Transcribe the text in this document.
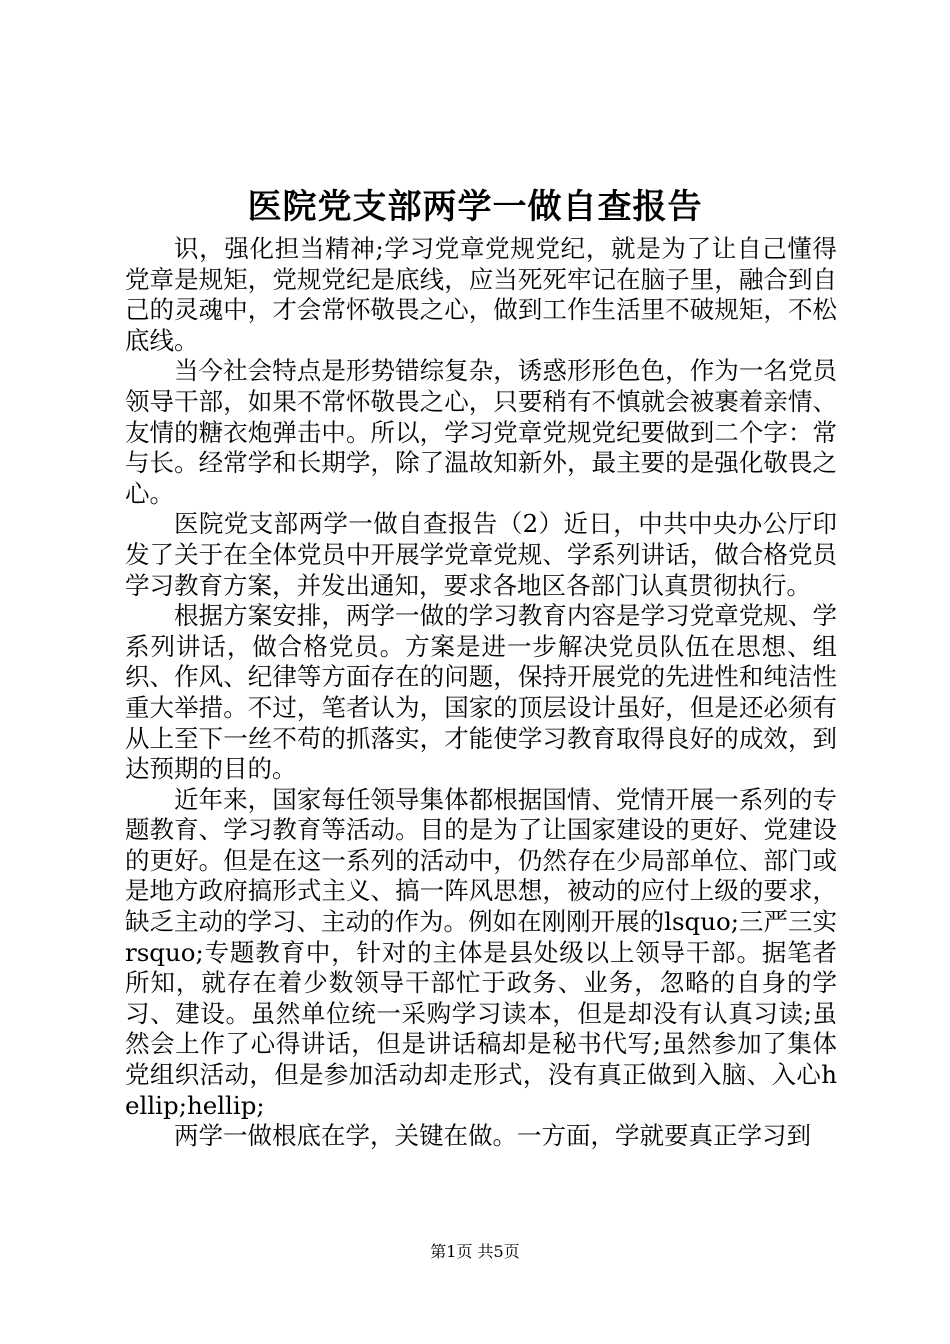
医院党支部两学一做自查报告

识，强化担当精神;学习党章党规党纪，就是为了让自己懂得党章是规矩，党规党纪是底线，应当死死牢记在脑子里，融合到自己的灵魂中，才会常怀敬畏之心，做到工作生活里不破规矩，不松底线。

当今社会特点是形势错综复杂，诱惑形形色色，作为一名党员领导干部，如果不常怀敬畏之心，只要稍有不慎就会被裹着亲情、友情的糖衣炮弹击中。所以，学习党章党规党纪要做到二个字：常与长。经常学和长期学，除了温故知新外，最主要的是强化敬畏之心。

医院党支部两学一做自查报告（2）近日，中共中央办公厅印发了关于在全体党员中开展学党章党规、学系列讲话，做合格党员学习教育方案，并发出通知，要求各地区各部门认真贯彻执行。

根据方案安排，两学一做的学习教育内容是学习党章党规、学系列讲话，做合格党员。方案是进一步解决党员队伍在思想、组织、作风、纪律等方面存在的问题，保持开展党的先进性和纯洁性重大举措。不过，笔者认为，国家的顶层设计虽好，但是还必须有从上至下一丝不苟的抓落实，才能使学习教育取得良好的成效，到达预期的目的。

近年来，国家每任领导集体都根据国情、党情开展一系列的专题教育、学习教育等活动。目的是为了让国家建设的更好、党建设的更好。但是在这一系列的活动中，仍然存在少局部单位、部门或是地方政府搞形式主义、搞一阵风思想，被动的应付上级的要求，缺乏主动的学习、主动的作为。例如在刚刚开展的lsquo;三严三实rsquo;专题教育中，针对的主体是县处级以上领导干部。据笔者所知，就存在着少数领导干部忙于政务、业务，忽略的自身的学习、建设。虽然单位统一采购学习读本，但是却没有认真习读;虽然会上作了心得讲话，但是讲话稿却是秘书代写;虽然参加了集体党组织活动，但是参加活动却走形式，没有真正做到入脑、入心hellip;hellip;

两学一做根底在学，关键在做。一方面，学就要真正学习到

第1页 共5页
